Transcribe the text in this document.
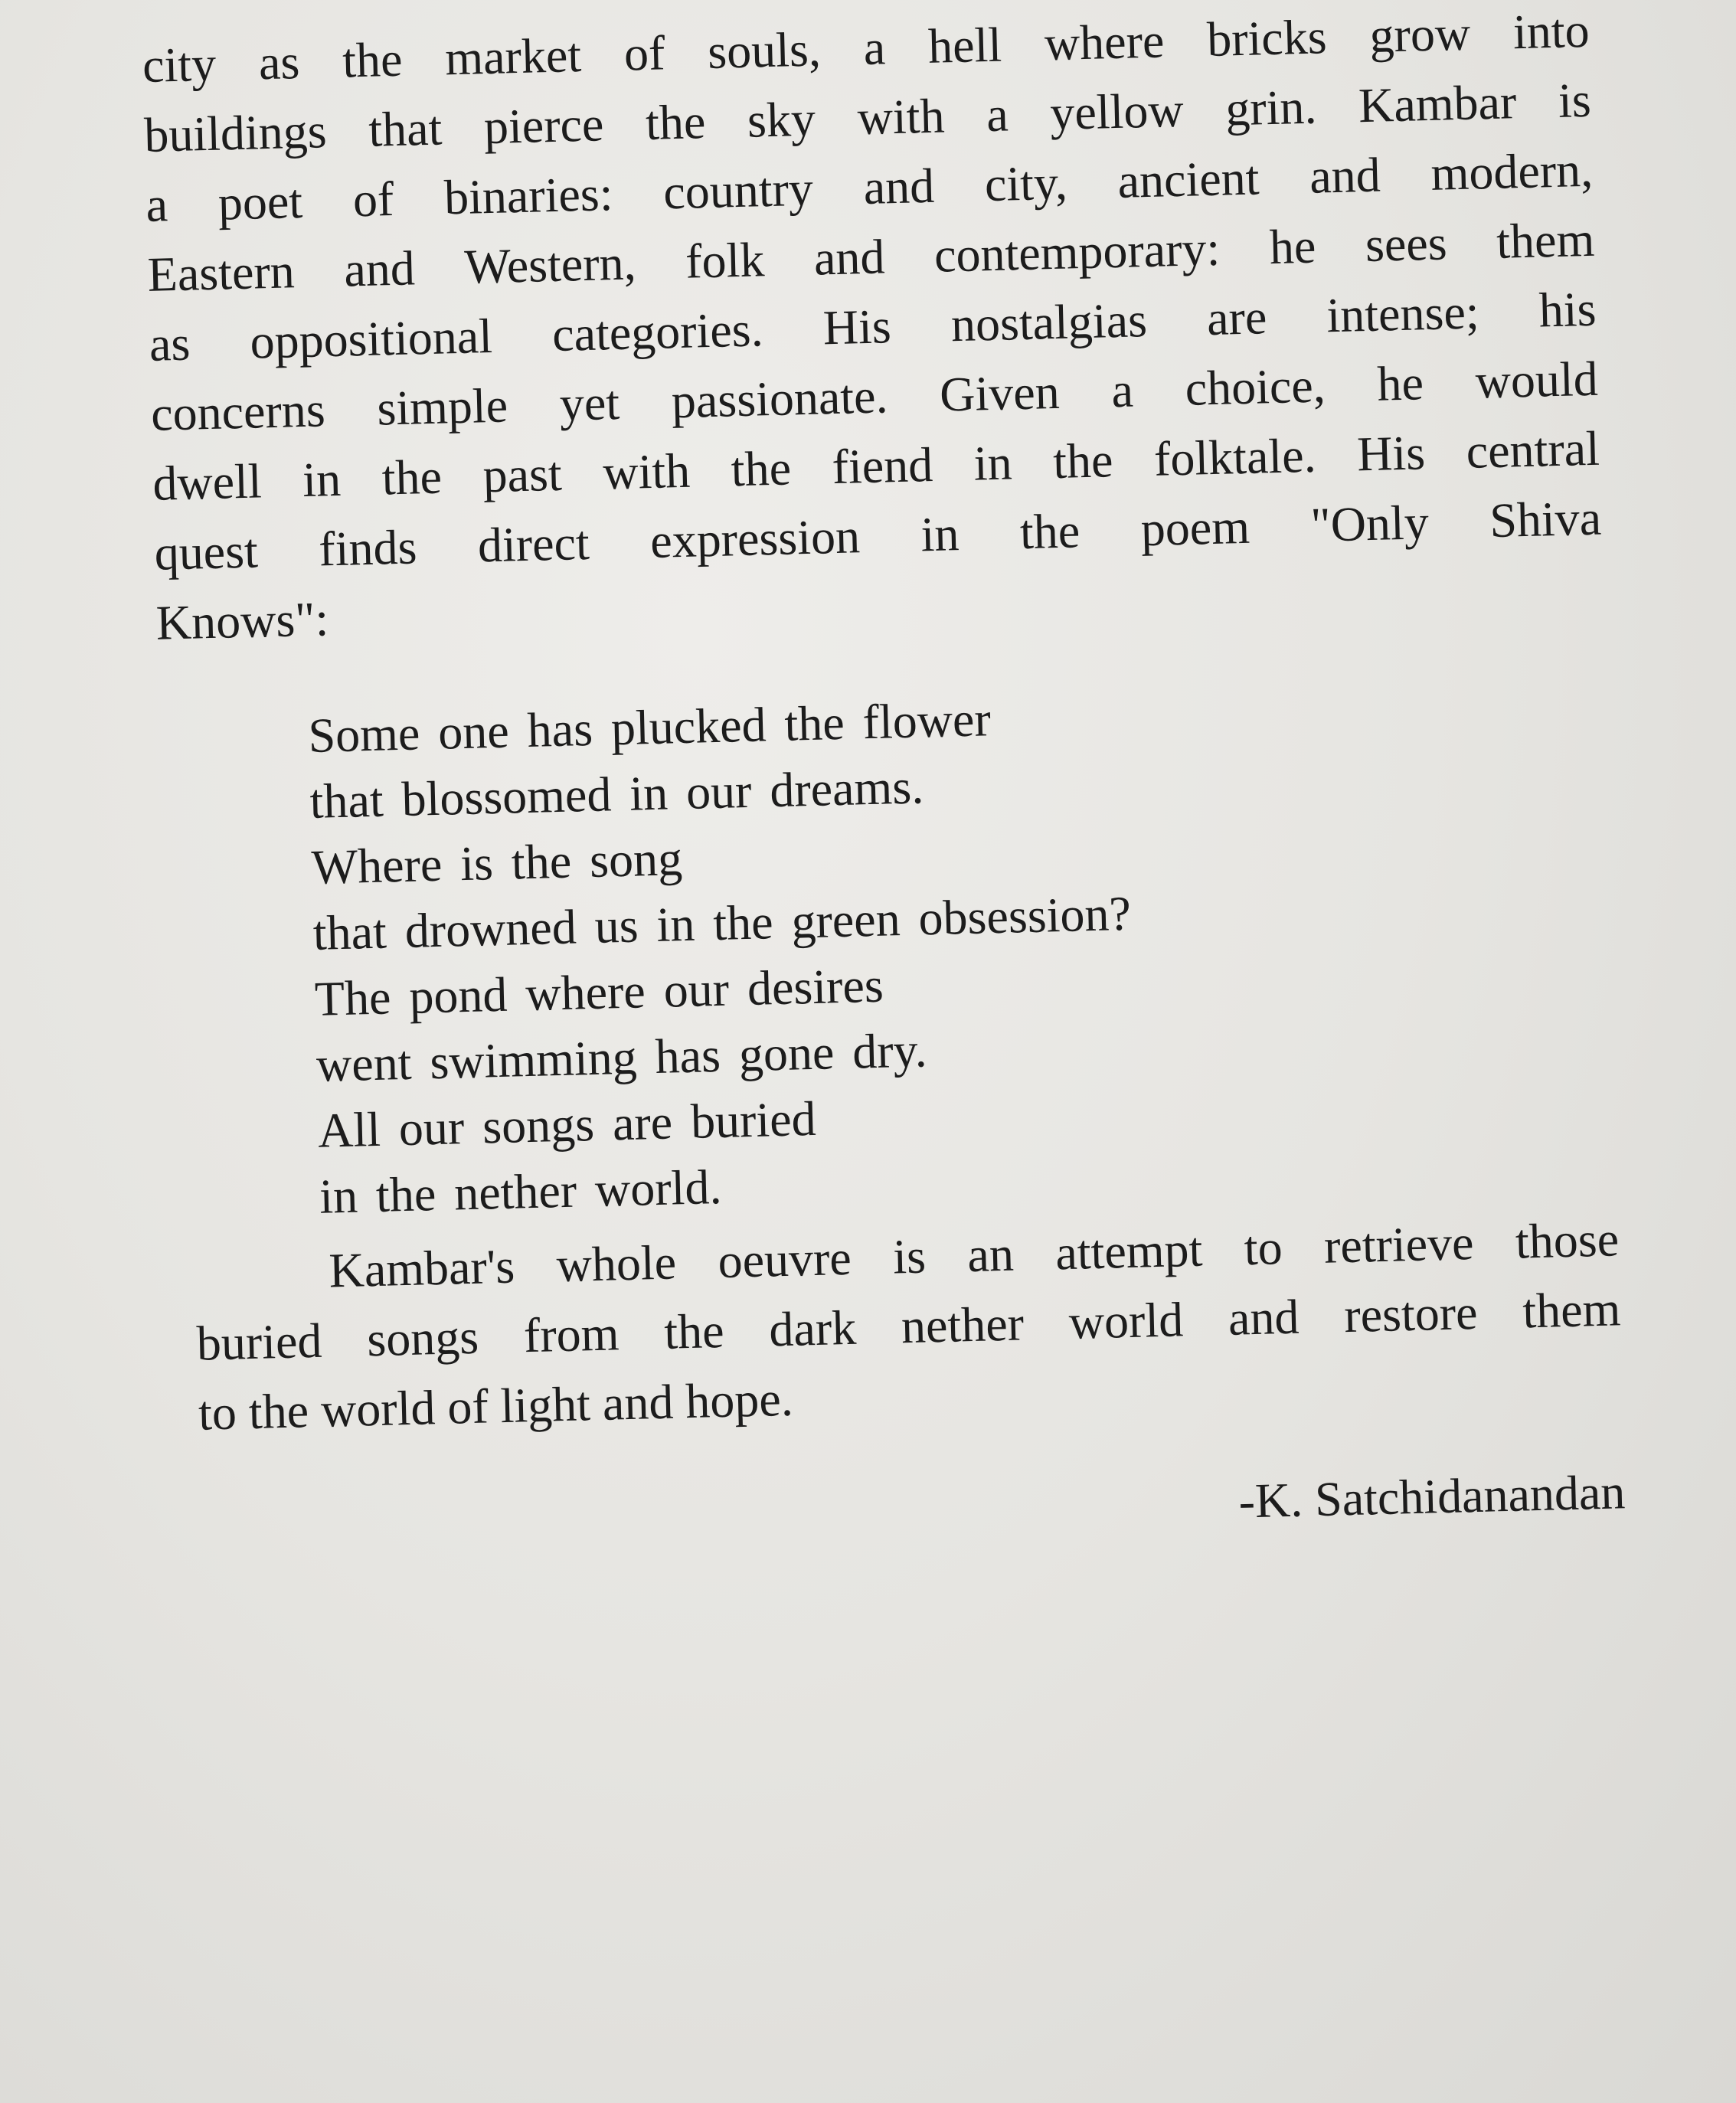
city as the market of souls, a hell where bricks grow into
buildings that pierce the sky with a yellow grin. Kambar is
a poet of binaries: country and city, ancient and modern,
Eastern and Western, folk and contemporary: he sees them
as oppositional categories. His nostalgias are intense; his
concerns simple yet passionate. Given a choice, he would
dwell in the past with the fiend in the folktale. His central
quest finds direct expression in the poem "Only Shiva
Knows":
Some one has plucked the flower
that blossomed in our dreams.
Where is the song
that drowned us in the green obsession?
The pond where our desires
went swimming has gone dry.
All our songs are buried
in the nether world.
Kambar's whole oeuvre is an attempt to retrieve those
buried songs from the dark nether world and restore them
to the world of light and hope.
-K. Satchidanandan
